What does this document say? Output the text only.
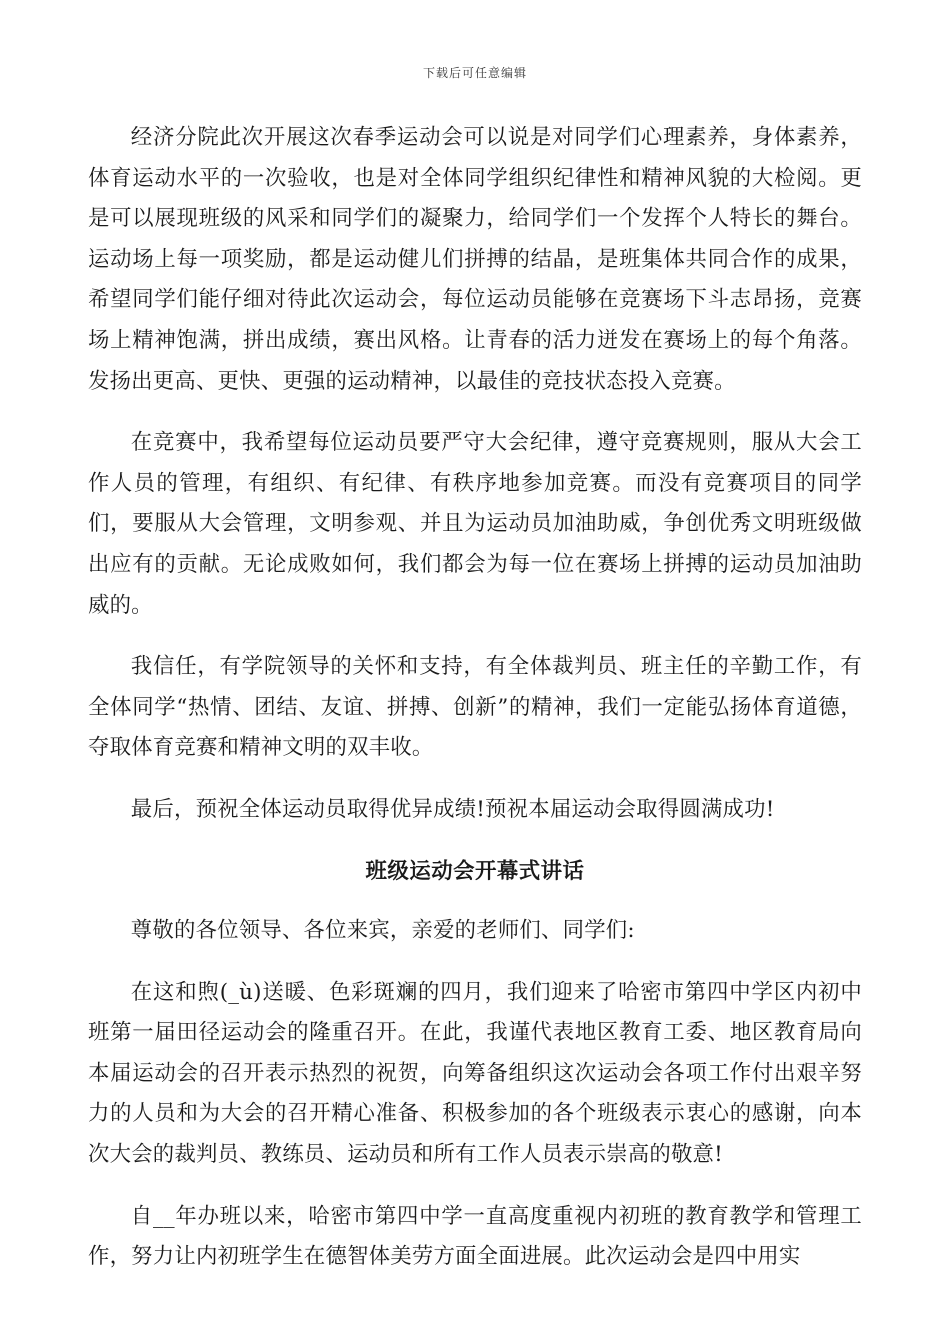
下载后可任意编辑

经济分院此次开展这次春季运动会可以说是对同学们心理素养，身体素养，体育运动水平的一次验收，也是对全体同学组织纪律性和精神风貌的大检阅。更是可以展现班级的风采和同学们的凝聚力，给同学们一个发挥个人特长的舞台。运动场上每一项奖励，都是运动健儿们拼搏的结晶，是班集体共同合作的成果，希望同学们能仔细对待此次运动会，每位运动员能够在竞赛场下斗志昂扬，竞赛场上精神饱满，拼出成绩，赛出风格。让青春的活力迸发在赛场上的每个角落。发扬出更高、更快、更强的运动精神，以最佳的竞技状态投入竞赛。

在竞赛中，我希望每位运动员要严守大会纪律，遵守竞赛规则，服从大会工作人员的管理，有组织、有纪律、有秩序地参加竞赛。而没有竞赛项目的同学们，要服从大会管理，文明参观、并且为运动员加油助威，争创优秀文明班级做出应有的贡献。无论成败如何，我们都会为每一位在赛场上拼搏的运动员加油助威的。

我信任，有学院领导的关怀和支持，有全体裁判员、班主任的辛勤工作，有全体同学“热情、团结、友谊、拼搏、创新”的精神，我们一定能弘扬体育道德，夺取体育竞赛和精神文明的双丰收。

最后，预祝全体运动员取得优异成绩!预祝本届运动会取得圆满成功!

班级运动会开幕式讲话

尊敬的各位领导、各位来宾，亲爱的老师们、同学们:

在这和煦(_ù)送暖、色彩斑斓的四月，我们迎来了哈密市第四中学区内初中班第一届田径运动会的隆重召开。在此，我谨代表地区教育工委、地区教育局向本届运动会的召开表示热烈的祝贺，向筹备组织这次运动会各项工作付出艰辛努力的人员和为大会的召开精心准备、积极参加的各个班级表示衷心的感谢，向本次大会的裁判员、教练员、运动员和所有工作人员表示崇高的敬意!

自__年办班以来，哈密市第四中学一直高度重视内初班的教育教学和管理工作，努力让内初班学生在德智体美劳方面全面进展。此次运动会是四中用实
